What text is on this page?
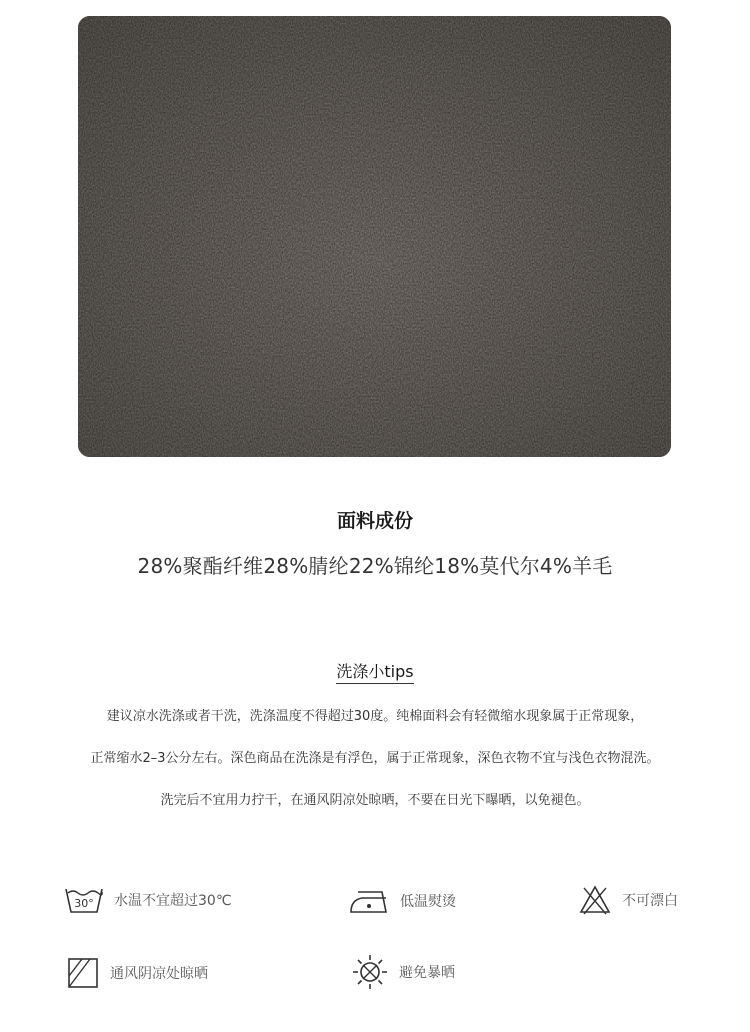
面料成份
28%聚酯纤维28%腈纶22%锦纶18%莫代尔4%羊毛
洗涤小tips
建议凉水洗涤或者干洗，洗涤温度不得超过30度。纯棉面料会有轻微缩水现象属于正常现象，
正常缩水2–3公分左右。深色商品在洗涤是有浮色，属于正常现象，深色衣物不宜与浅色衣物混洗。
洗完后不宜用力拧干，在通风阴凉处晾晒，不要在日光下曝晒，以免褪色。
30° 水温不宜超过30℃	低温熨烫	不可漂白
通风阴凉处晾晒	避免暴晒
